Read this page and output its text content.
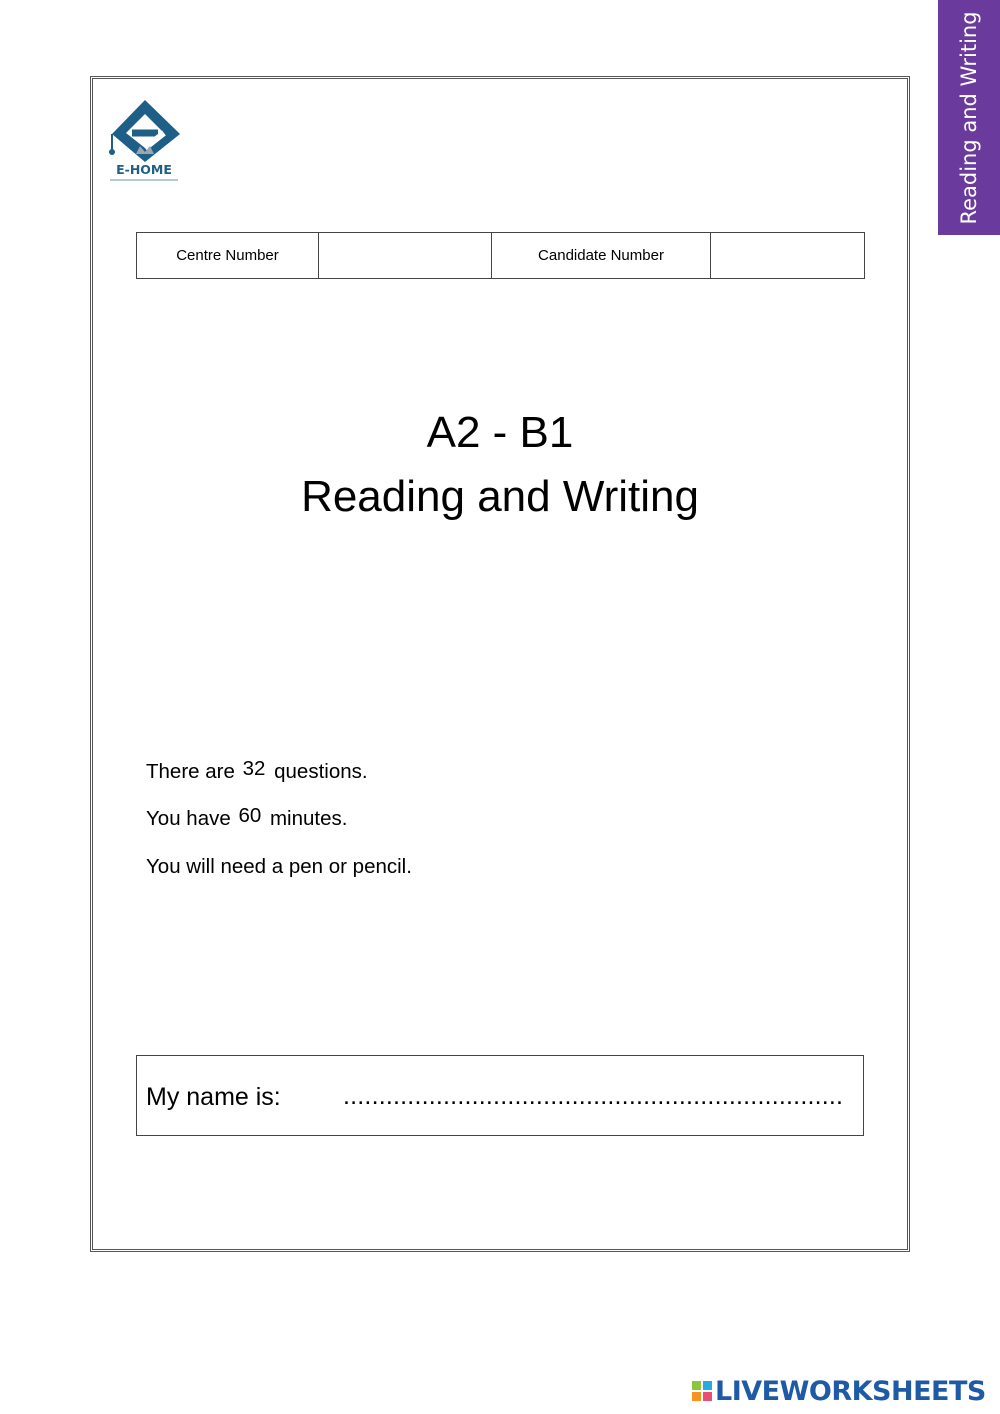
Reading and Writing
E-HOME
Centre Number		Candidate Number	
A2 - B1
Reading and Writing
There are 32 questions.
You have 60 minutes.
You will need a pen or pencil.
My name is: ......................................................................
LIVEWORKSHEETS
